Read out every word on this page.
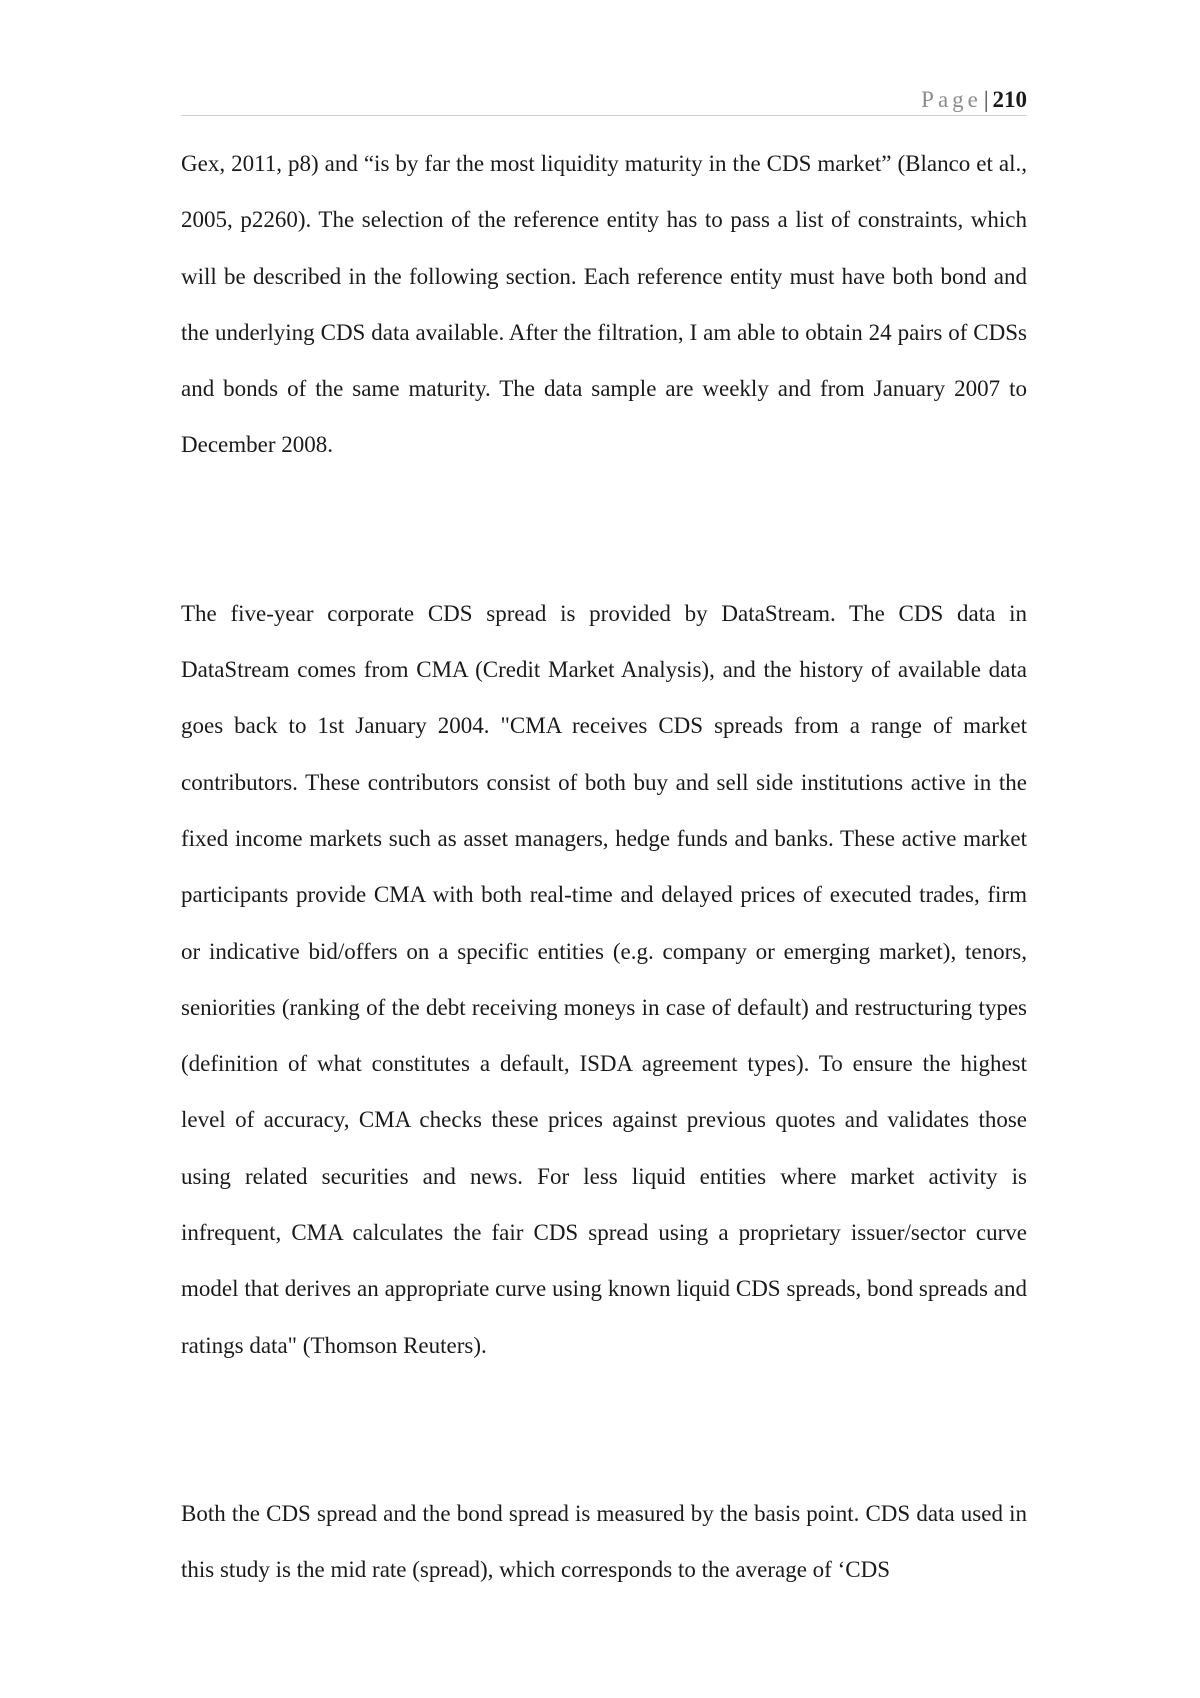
Page| 210

Gex, 2011, p8) and “is by far the most liquidity maturity in the CDS market” (Blanco et al., 2005, p2260). The selection of the reference entity has to pass a list of constraints, which will be described in the following section. Each reference entity must have both bond and the underlying CDS data available. After the filtration, I am able to obtain 24 pairs of CDSs and bonds of the same maturity. The data sample are weekly and from January 2007 to December 2008.

The five-year corporate CDS spread is provided by DataStream. The CDS data in DataStream comes from CMA (Credit Market Analysis), and the history of available data goes back to 1st January 2004. "CMA receives CDS spreads from a range of market contributors. These contributors consist of both buy and sell side institutions active in the fixed income markets such as asset managers, hedge funds and banks. These active market participants provide CMA with both real-time and delayed prices of executed trades, firm or indicative bid/offers on a specific entities (e.g. company or emerging market), tenors, seniorities (ranking of the debt receiving moneys in case of default) and restructuring types (definition of what constitutes a default, ISDA agreement types). To ensure the highest level of accuracy, CMA checks these prices against previous quotes and validates those using related securities and news. For less liquid entities where market activity is infrequent, CMA calculates the fair CDS spread using a proprietary issuer/sector curve model that derives an appropriate curve using known liquid CDS spreads, bond spreads and ratings data" (Thomson Reuters).

Both the CDS spread and the bond spread is measured by the basis point. CDS data used in this study is the mid rate (spread), which corresponds to the average of ‘CDS
